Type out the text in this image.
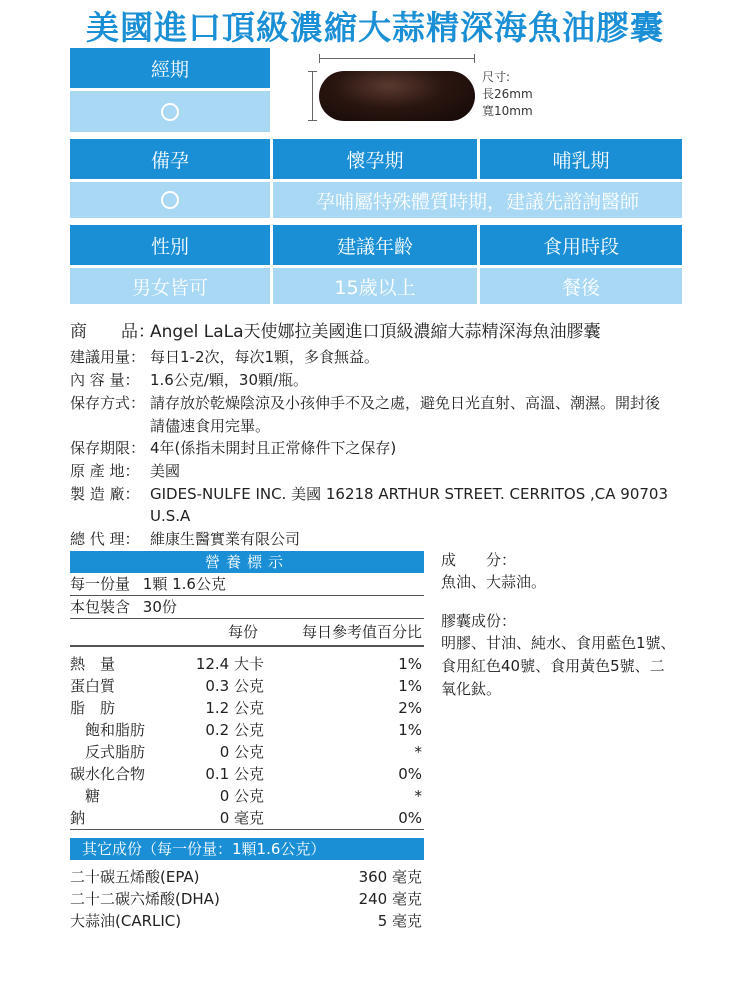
美國進口頂級濃縮大蒜精深海魚油膠囊
經期	尺寸:
長26mm
寬10mm
備孕	懷孕期	哺乳期
孕哺屬特殊體質時期，建議先諮詢醫師
性別	建議年齡	食用時段
男女皆可	15歲以上	餐後
商　　品：Angel LaLa天使娜拉美國進口頂級濃縮大蒜精深海魚油膠囊
建議用量： 每日1-2次，每次1顆，多食無益。
內 容 量： 1.6公克/顆，30顆/瓶。
保存方式： 請存放於乾燥陰涼及小孩伸手不及之處，避免日光直射、高溫、潮濕。開封後
請儘速食用完畢。
保存期限： 4年(係指未開封且正常條件下之保存)
原 產 地： 美國
製 造 廠： GIDES-NULFE INC. 美國 16218 ARTHUR STREET. CERRITOS ,CA 90703
U.S.A
總 代 理： 維康生醫實業有限公司
營養標示
每一份量 1顆 1.6公克
本包裝含 30份
每份	每日參考值百分比
熱　量	12.4 大卡	1%
蛋白質	0.3 公克	1%
脂　肪	1.2 公克	2%
　飽和脂肪	0.2 公克	1%
　反式脂肪	0 公克	*
碳水化合物	0.1 公克	0%
　糖	0 公克	*
鈉	0 毫克	0%
其它成份（每一份量：1顆1.6公克）
二十碳五烯酸(EPA)	360 毫克
二十二碳六烯酸(DHA)	240 毫克
大蒜油(CARLIC)	5 毫克
成　　分：
魚油、大蒜油。
膠囊成份：
明膠、甘油、純水、食用藍色1號、
食用紅色40號、食用黃色5號、二
氧化鈦。
